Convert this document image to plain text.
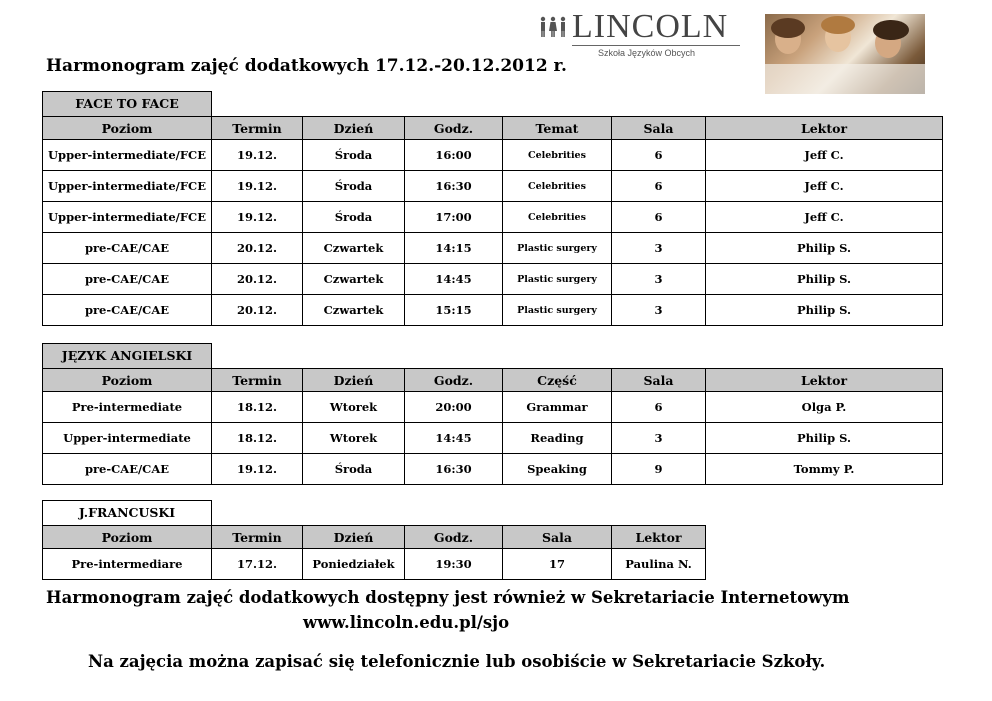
Harmonogram zajęć dodatkowych 17.12.-20.12.2012 r.
LINCOLN
Szkoła Języków Obcych
FACE TO FACE
Poziom	Termin	Dzień	Godz.	Temat	Sala	Lektor
Upper-intermediate/FCE	19.12.	Środa	16:00	Celebrities	6	Jeff C.
Upper-intermediate/FCE	19.12.	Środa	16:30	Celebrities	6	Jeff C.
Upper-intermediate/FCE	19.12.	Środa	17:00	Celebrities	6	Jeff C.
pre-CAE/CAE	20.12.	Czwartek	14:15	Plastic surgery	3	Philip S.
pre-CAE/CAE	20.12.	Czwartek	14:45	Plastic surgery	3	Philip S.
pre-CAE/CAE	20.12.	Czwartek	15:15	Plastic surgery	3	Philip S.
JĘZYK ANGIELSKI
Poziom	Termin	Dzień	Godz.	Część	Sala	Lektor
Pre-intermediate	18.12.	Wtorek	20:00	Grammar	6	Olga P.
Upper-intermediate	18.12.	Wtorek	14:45	Reading	3	Philip S.
pre-CAE/CAE	19.12.	Środa	16:30	Speaking	9	Tommy P.
J.FRANCUSKI
Poziom	Termin	Dzień	Godz.	Sala	Lektor
Pre-intermediare	17.12.	Poniedziałek	19:30	17	Paulina N.
Harmonogram zajęć dodatkowych dostępny jest również w Sekretariacie Internetowym
www.lincoln.edu.pl/sjo
Na zajęcia można zapisać się telefonicznie lub osobiście w Sekretariacie Szkoły.
